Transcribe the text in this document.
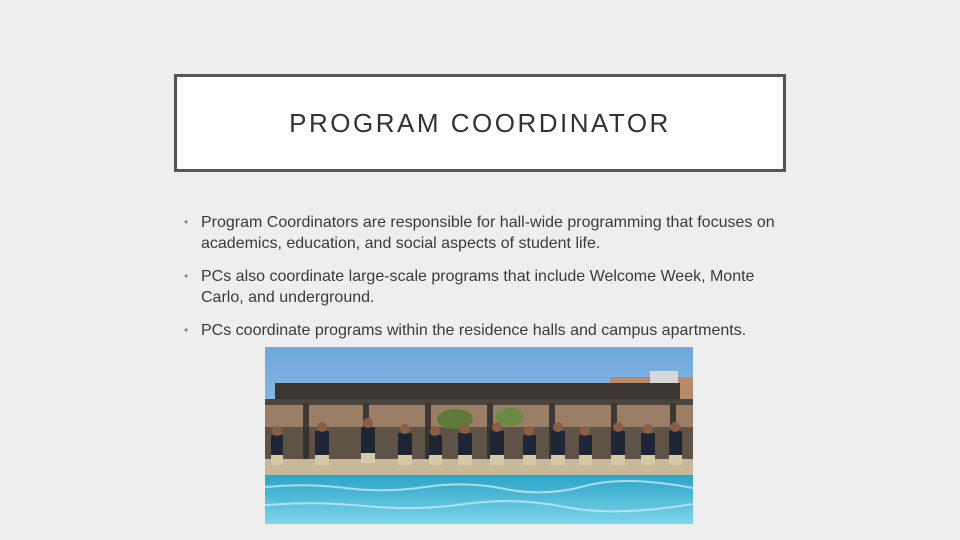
PROGRAM COORDINATOR
• Program Coordinators are responsible for hall-wide programming that focuses on academics, education, and social aspects of student life.
• PCs also coordinate large-scale programs that include Welcome Week, Monte Carlo, and underground.
• PCs coordinate programs within the residence halls and campus apartments.
